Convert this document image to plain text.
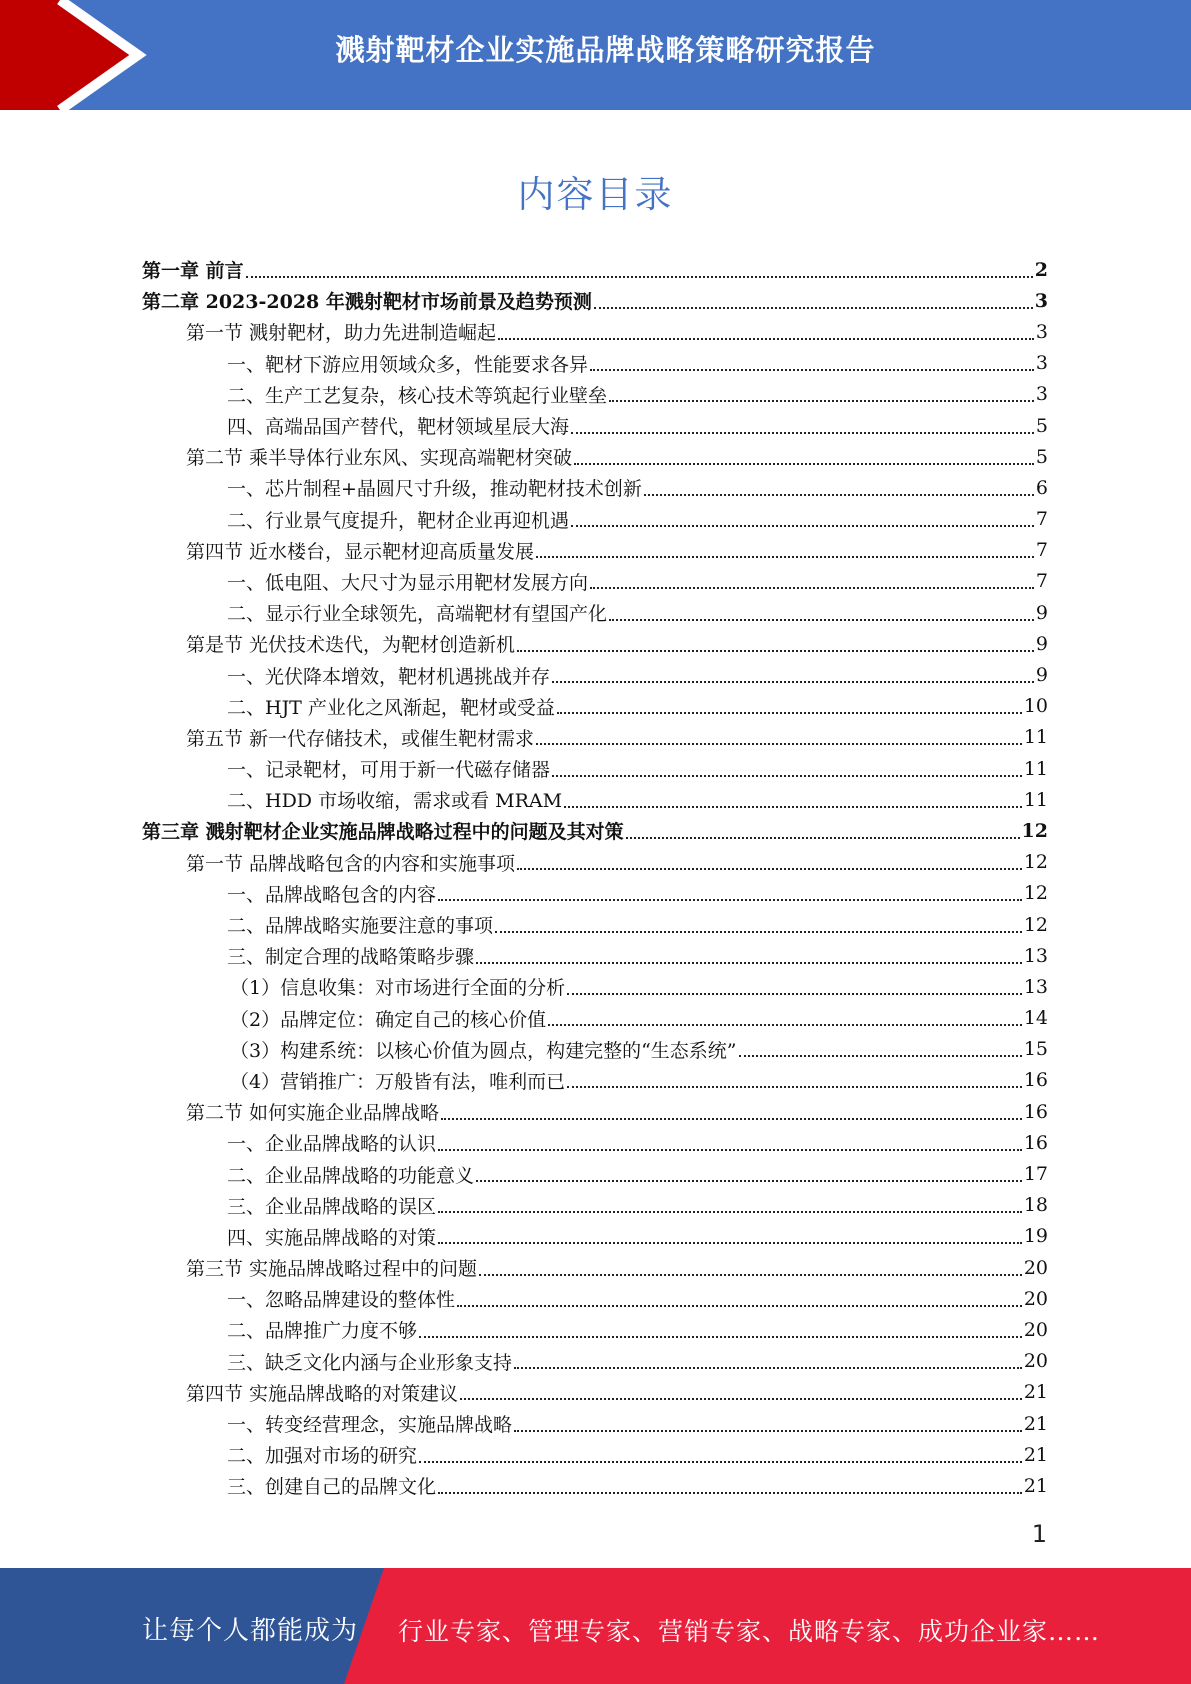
溅射靶材企业实施品牌战略策略研究报告
内容目录
第一章 前言	2
第二章 2023-2028 年溅射靶材市场前景及趋势预测	3
第一节 溅射靶材，助力先进制造崛起	3
一、靶材下游应用领域众多，性能要求各异	3
二、生产工艺复杂，核心技术等筑起行业壁垒	3
四、高端品国产替代，靶材领域星辰大海	5
第二节 乘半导体行业东风、实现高端靶材突破	5
一、芯片制程+晶圆尺寸升级，推动靶材技术创新	6
二、行业景气度提升，靶材企业再迎机遇	7
第四节 近水楼台，显示靶材迎高质量发展	7
一、低电阻、大尺寸为显示用靶材发展方向	7
二、显示行业全球领先，高端靶材有望国产化	9
第是节 光伏技术迭代，为靶材创造新机	9
一、光伏降本增效，靶材机遇挑战并存	9
二、HJT 产业化之风渐起，靶材或受益	10
第五节 新一代存储技术，或催生靶材需求	11
一、记录靶材，可用于新一代磁存储器	11
二、HDD 市场收缩，需求或看 MRAM	11
第三章 溅射靶材企业实施品牌战略过程中的问题及其对策	12
第一节 品牌战略包含的内容和实施事项	12
一、品牌战略包含的内容	12
二、品牌战略实施要注意的事项	12
三、制定合理的战略策略步骤	13
（1）信息收集：对市场进行全面的分析	13
（2）品牌定位：确定自己的核心价值	14
（3）构建系统：以核心价值为圆点，构建完整的“生态系统”	15
（4）营销推广：万般皆有法，唯利而已	16
第二节 如何实施企业品牌战略	16
一、企业品牌战略的认识	16
二、企业品牌战略的功能意义	17
三、企业品牌战略的误区	18
四、实施品牌战略的对策	19
第三节 实施品牌战略过程中的问题	20
一、忽略品牌建设的整体性	20
二、品牌推广力度不够	20
三、缺乏文化内涵与企业形象支持	20
第四节 实施品牌战略的对策建议	21
一、转变经营理念，实施品牌战略	21
二、加强对市场的研究	21
三、创建自己的品牌文化	21
1
让每个人都能成为 行业专家、管理专家、营销专家、战略专家、成功企业家……
